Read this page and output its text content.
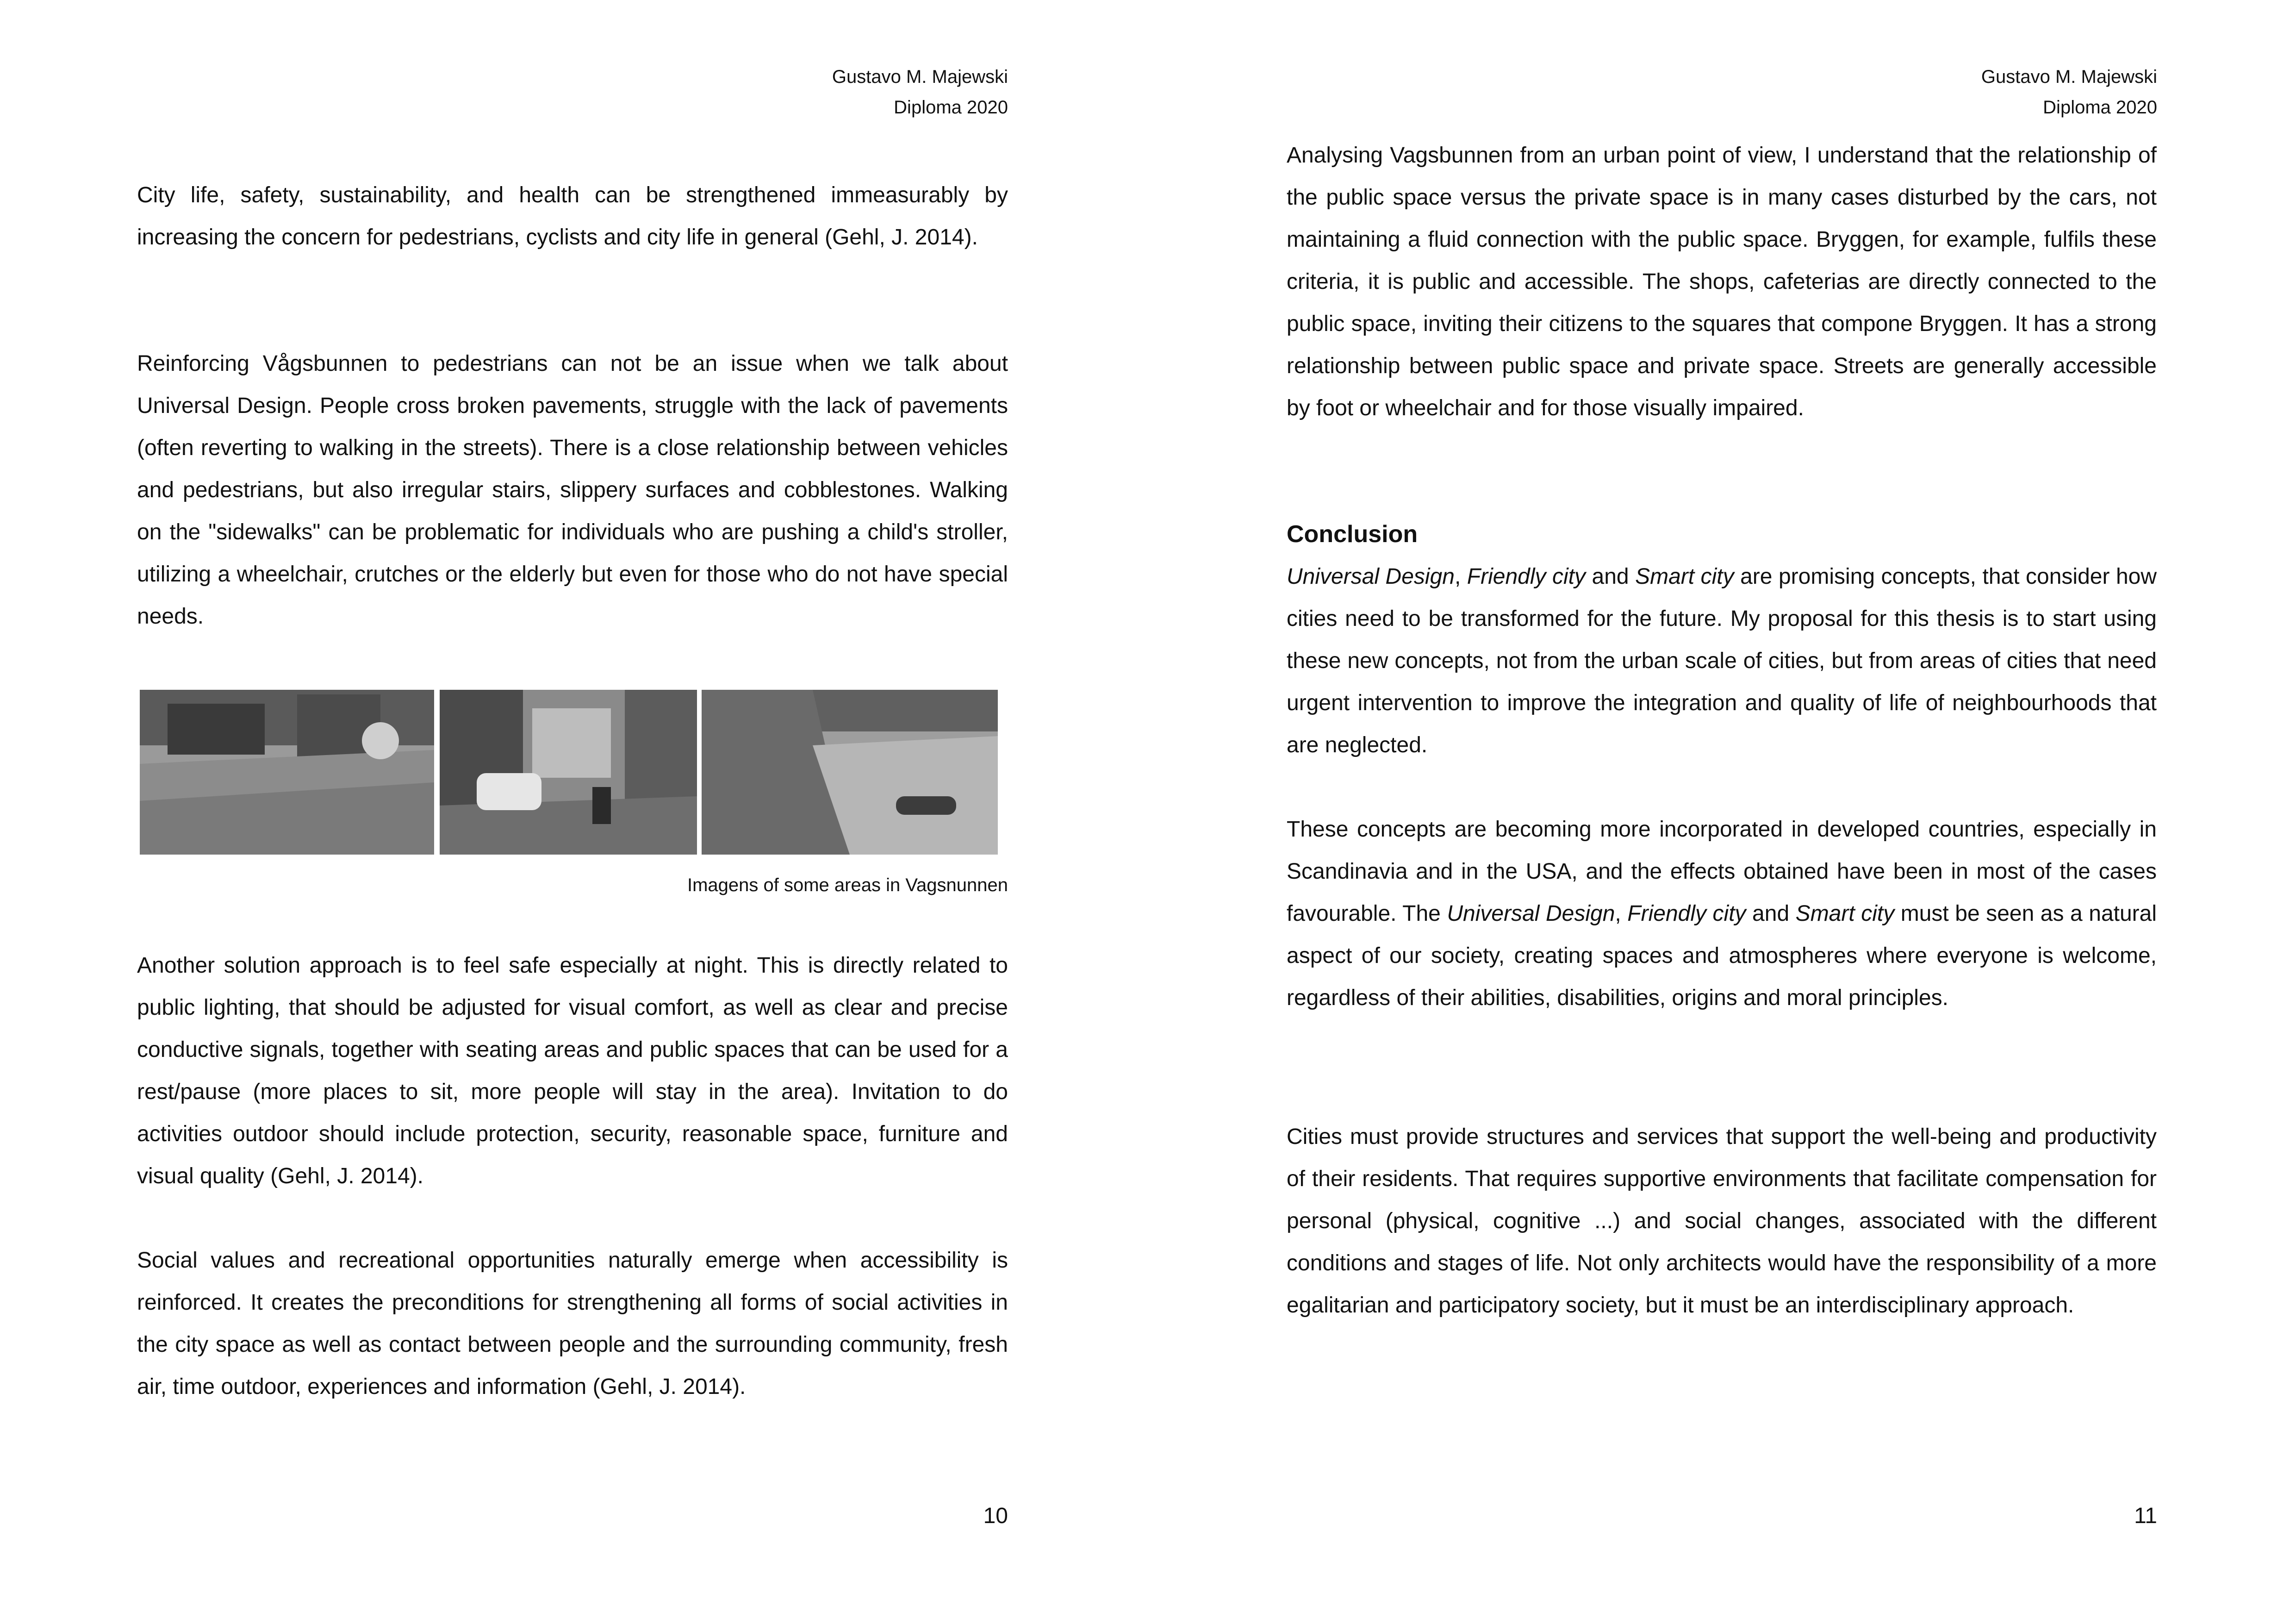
Gustavo M. Majewski
Diploma 2020

City life, safety, sustainability, and health can be strengthened immeasurably by increasing the concern for pedestrians, cyclists and city life in general (Gehl, J. 2014).

Reinforcing Vågsbunnen to pedestrians can not be an issue when we talk about Universal Design. People cross broken pavements, struggle with the lack of pavements (often reverting to walking in the streets). There is a close relationship between vehicles and pedestrians, but also irregular stairs, slippery surfaces and cobblestones. Walking on the "sidewalks" can be problematic for individuals who are pushing a child's stroller, utilizing a wheelchair, crutches or the elderly but even for those who do not have special needs.

Imagens of some areas in Vagsnunnen

Another solution approach is to feel safe especially at night. This is directly related to public lighting, that should be adjusted for visual comfort, as well as clear and precise conductive signals, together with seating areas and public spaces that can be used for a rest/pause (more places to sit, more people will stay in the area). Invitation to do activities outdoor should include protection, security, reasonable space, furniture and visual quality (Gehl, J. 2014).

Social values and recreational opportunities naturally emerge when accessibility is reinforced. It creates the preconditions for strengthening all forms of social activities in the city space as well as contact between people and the surrounding community, fresh air, time outdoor, experiences and information (Gehl, J. 2014).

10
Gustavo M. Majewski
Diploma 2020

Analysing Vagsbunnen from an urban point of view, I understand that the relationship of the public space versus the private space is in many cases disturbed by the cars, not maintaining a fluid connection with the public space. Bryggen, for example, fulfils these criteria, it is public and accessible. The shops, cafeterias are directly connected to the public space, inviting their citizens to the squares that compone Bryggen. It has a strong relationship between public space and private space. Streets are generally accessible by foot or wheelchair and for those visually impaired.

Conclusion

Universal Design, Friendly city and Smart city are promising concepts, that consider how cities need to be transformed for the future. My proposal for this thesis is to start using these new concepts, not from the urban scale of cities, but from areas of cities that need urgent intervention to improve the integration and quality of life of neighbourhoods that are neglected.

These concepts are becoming more incorporated in developed countries, especially in Scandinavia and in the USA, and the effects obtained have been in most of the cases favourable. The Universal Design, Friendly city and Smart city must be seen as a natural aspect of our society, creating spaces and atmospheres where everyone is welcome, regardless of their abilities, disabilities, origins and moral principles.

Cities must provide structures and services that support the well-being and productivity of their residents. That requires supportive environments that facilitate compensation for personal (physical, cognitive ...) and social changes, associated with the different conditions and stages of life. Not only architects would have the responsibility of a more egalitarian and participatory society, but it must be an interdisciplinary approach.

11
